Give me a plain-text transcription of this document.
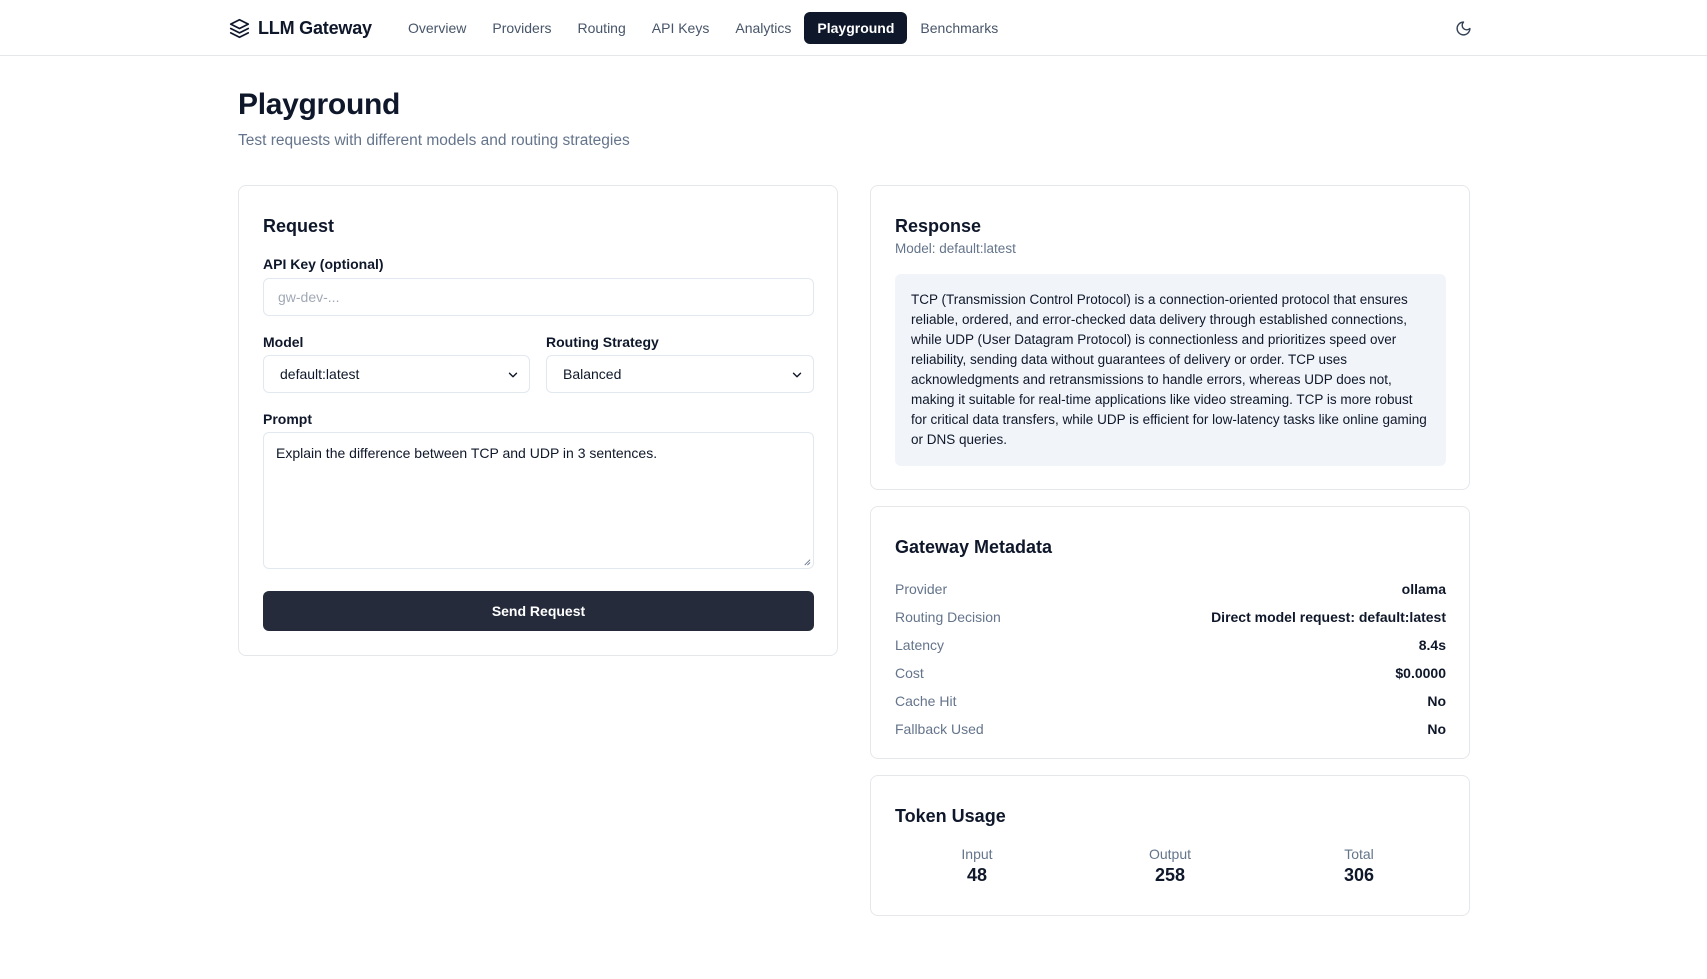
LLM Gateway	Overview	Providers	Routing	API Keys	Analytics	Playground	Benchmarks
Playground

Test requests with different models and routing strategies

Request
API Key (optional)
gw-dev-...
Model
default:latest
Routing Strategy
Balanced
Prompt
Explain the difference between TCP and UDP in 3 sentences.
Send Request
Response
Model: default:latest
TCP (Transmission Control Protocol) is a connection-oriented protocol that ensures reliable, ordered, and error-checked data delivery through established connections, while UDP (User Datagram Protocol) is connectionless and prioritizes speed over reliability, sending data without guarantees of delivery or order. TCP uses acknowledgments and retransmissions to handle errors, whereas UDP does not, making it suitable for real-time applications like video streaming. TCP is more robust for critical data transfers, while UDP is efficient for low-latency tasks like online gaming or DNS queries.
Gateway Metadata
Provider	ollama
Routing Decision	Direct model request: default:latest
Latency	8.4s
Cost	$0.0000
Cache Hit	No
Fallback Used	No
Token Usage
Input
48
Output
258
Total
306
